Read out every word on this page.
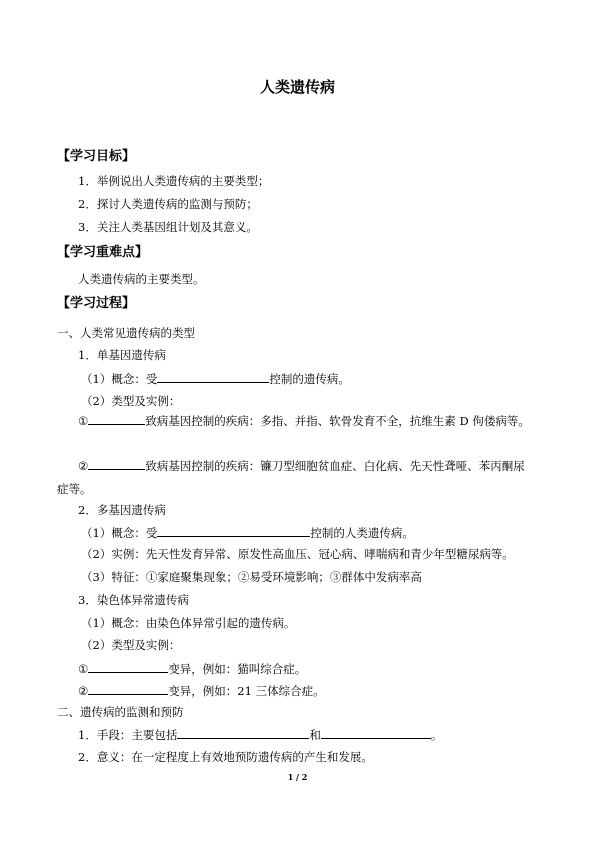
人类遗传病
【学习目标】
1．举例说出人类遗传病的主要类型；
2．探讨人类遗传病的监测与预防；
3．关注人类基因组计划及其意义。
【学习重难点】
人类遗传病的主要类型。
【学习过程】
一、人类常见遗传病的类型
1．单基因遗传病
（1）概念：受	控制的遗传病。
（2）类型及实例：
①	致病基因控制的疾病：多指、并指、软骨发育不全，抗维生素 D 佝偻病等。
②	致病基因控制的疾病：镰刀型细胞贫血症、白化病、先天性聋哑、苯丙酮尿症等。
2．多基因遗传病
（1）概念：受	控制的人类遗传病。
（2）实例：先天性发育异常、原发性高血压、冠心病、哮喘病和青少年型糖尿病等。
（3）特征：①家庭聚集现象；②易受环境影响；③群体中发病率高
3．染色体异常遗传病
（1）概念：由染色体异常引起的遗传病。
（2）类型及实例：
①	变异，例如：猫叫综合症。
②	变异，例如：21 三体综合症。
二、遗传病的监测和预防
1．手段：主要包括	和	。
2．意义：在一定程度上有效地预防遗传病的产生和发展。
1 / 2
